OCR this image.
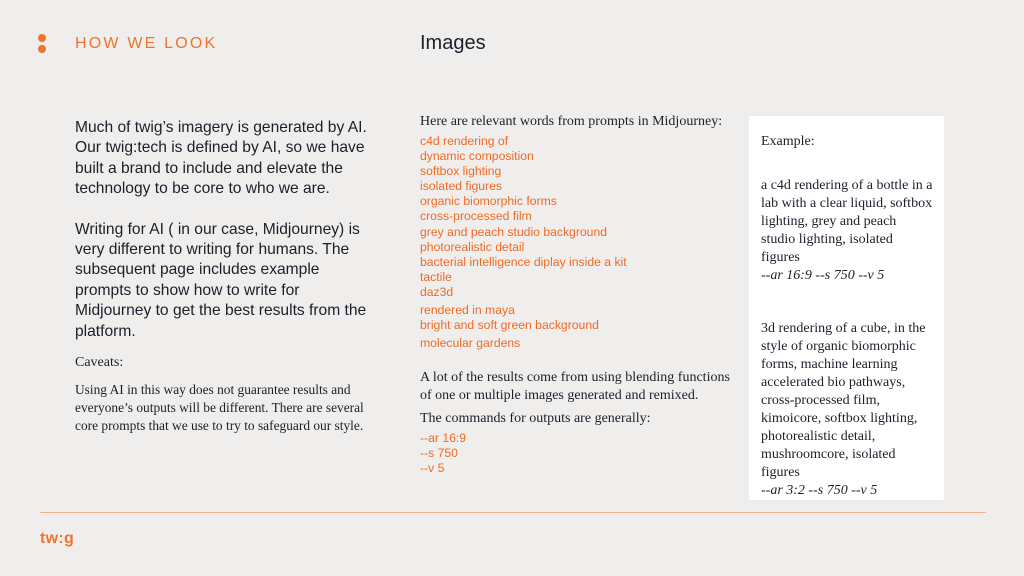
HOW WE LOOK	Images

Much of twig’s imagery is generated by AI. Our twig:tech is defined by AI, so we have built a brand to include and elevate the technology to be core to who we are.

Writing for AI ( in our case, Midjourney) is very different to writing for humans. The subsequent page includes example prompts to show how to write for Midjourney to get the best results from the platform.

Caveats:

Using AI in this way does not guarantee results and everyone’s outputs will be different. There are several core prompts that we use to try to safeguard our style.

Here are relevant words from prompts in Midjourney:
c4d rendering of
dynamic composition
softbox lighting
isolated figures
organic biomorphic forms
cross-processed film
grey and peach studio background
photorealistic detail
bacterial intelligence diplay inside a kit
tactile
daz3d
rendered in maya
bright and soft green background
molecular gardens
A lot of the results come from using blending functions of one or multiple images generated and remixed.
The commands for outputs are generally:
--ar 16:9
--s 750
--v 5

Example:

a c4d rendering of a bottle in a lab with a clear liquid, softbox lighting, grey and peach studio lighting, isolated figures

--ar 16:9 --s 750 --v 5

3d rendering of a cube, in the style of organic biomorphic forms, machine learning accelerated bio pathways, cross-processed film, kimoicore, softbox lighting, photorealistic detail, mushroomcore, isolated figures

--ar 3:2 --s 750 --v 5

tw:g
